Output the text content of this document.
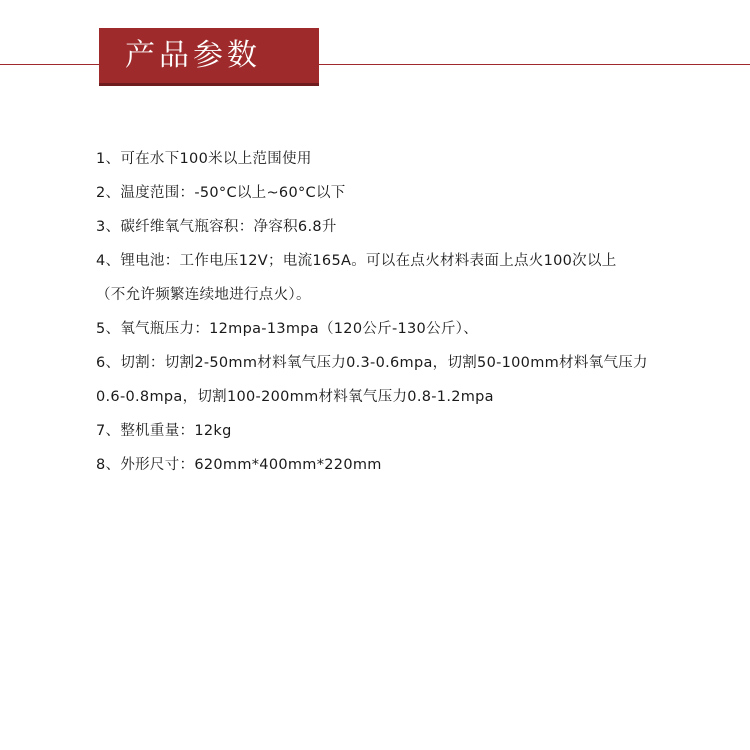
产品参数
1、可在水下100米以上范围使用
2、温度范围：-50°C以上~60°C以下
3、碳纤维氧气瓶容积：净容积6.8升
4、锂电池：工作电压12V；电流165A。可以在点火材料表面上点火100次以上
（不允许频繁连续地进行点火）。
5、氧气瓶压力：12mpa-13mpa（120公斤-130公斤）、
6、切割：切割2-50mm材料氧气压力0.3-0.6mpa，切割50-100mm材料氧气压力
0.6-0.8mpa，切割100-200mm材料氧气压力0.8-1.2mpa
7、整机重量：12kg
8、外形尺寸：620mm*400mm*220mm
